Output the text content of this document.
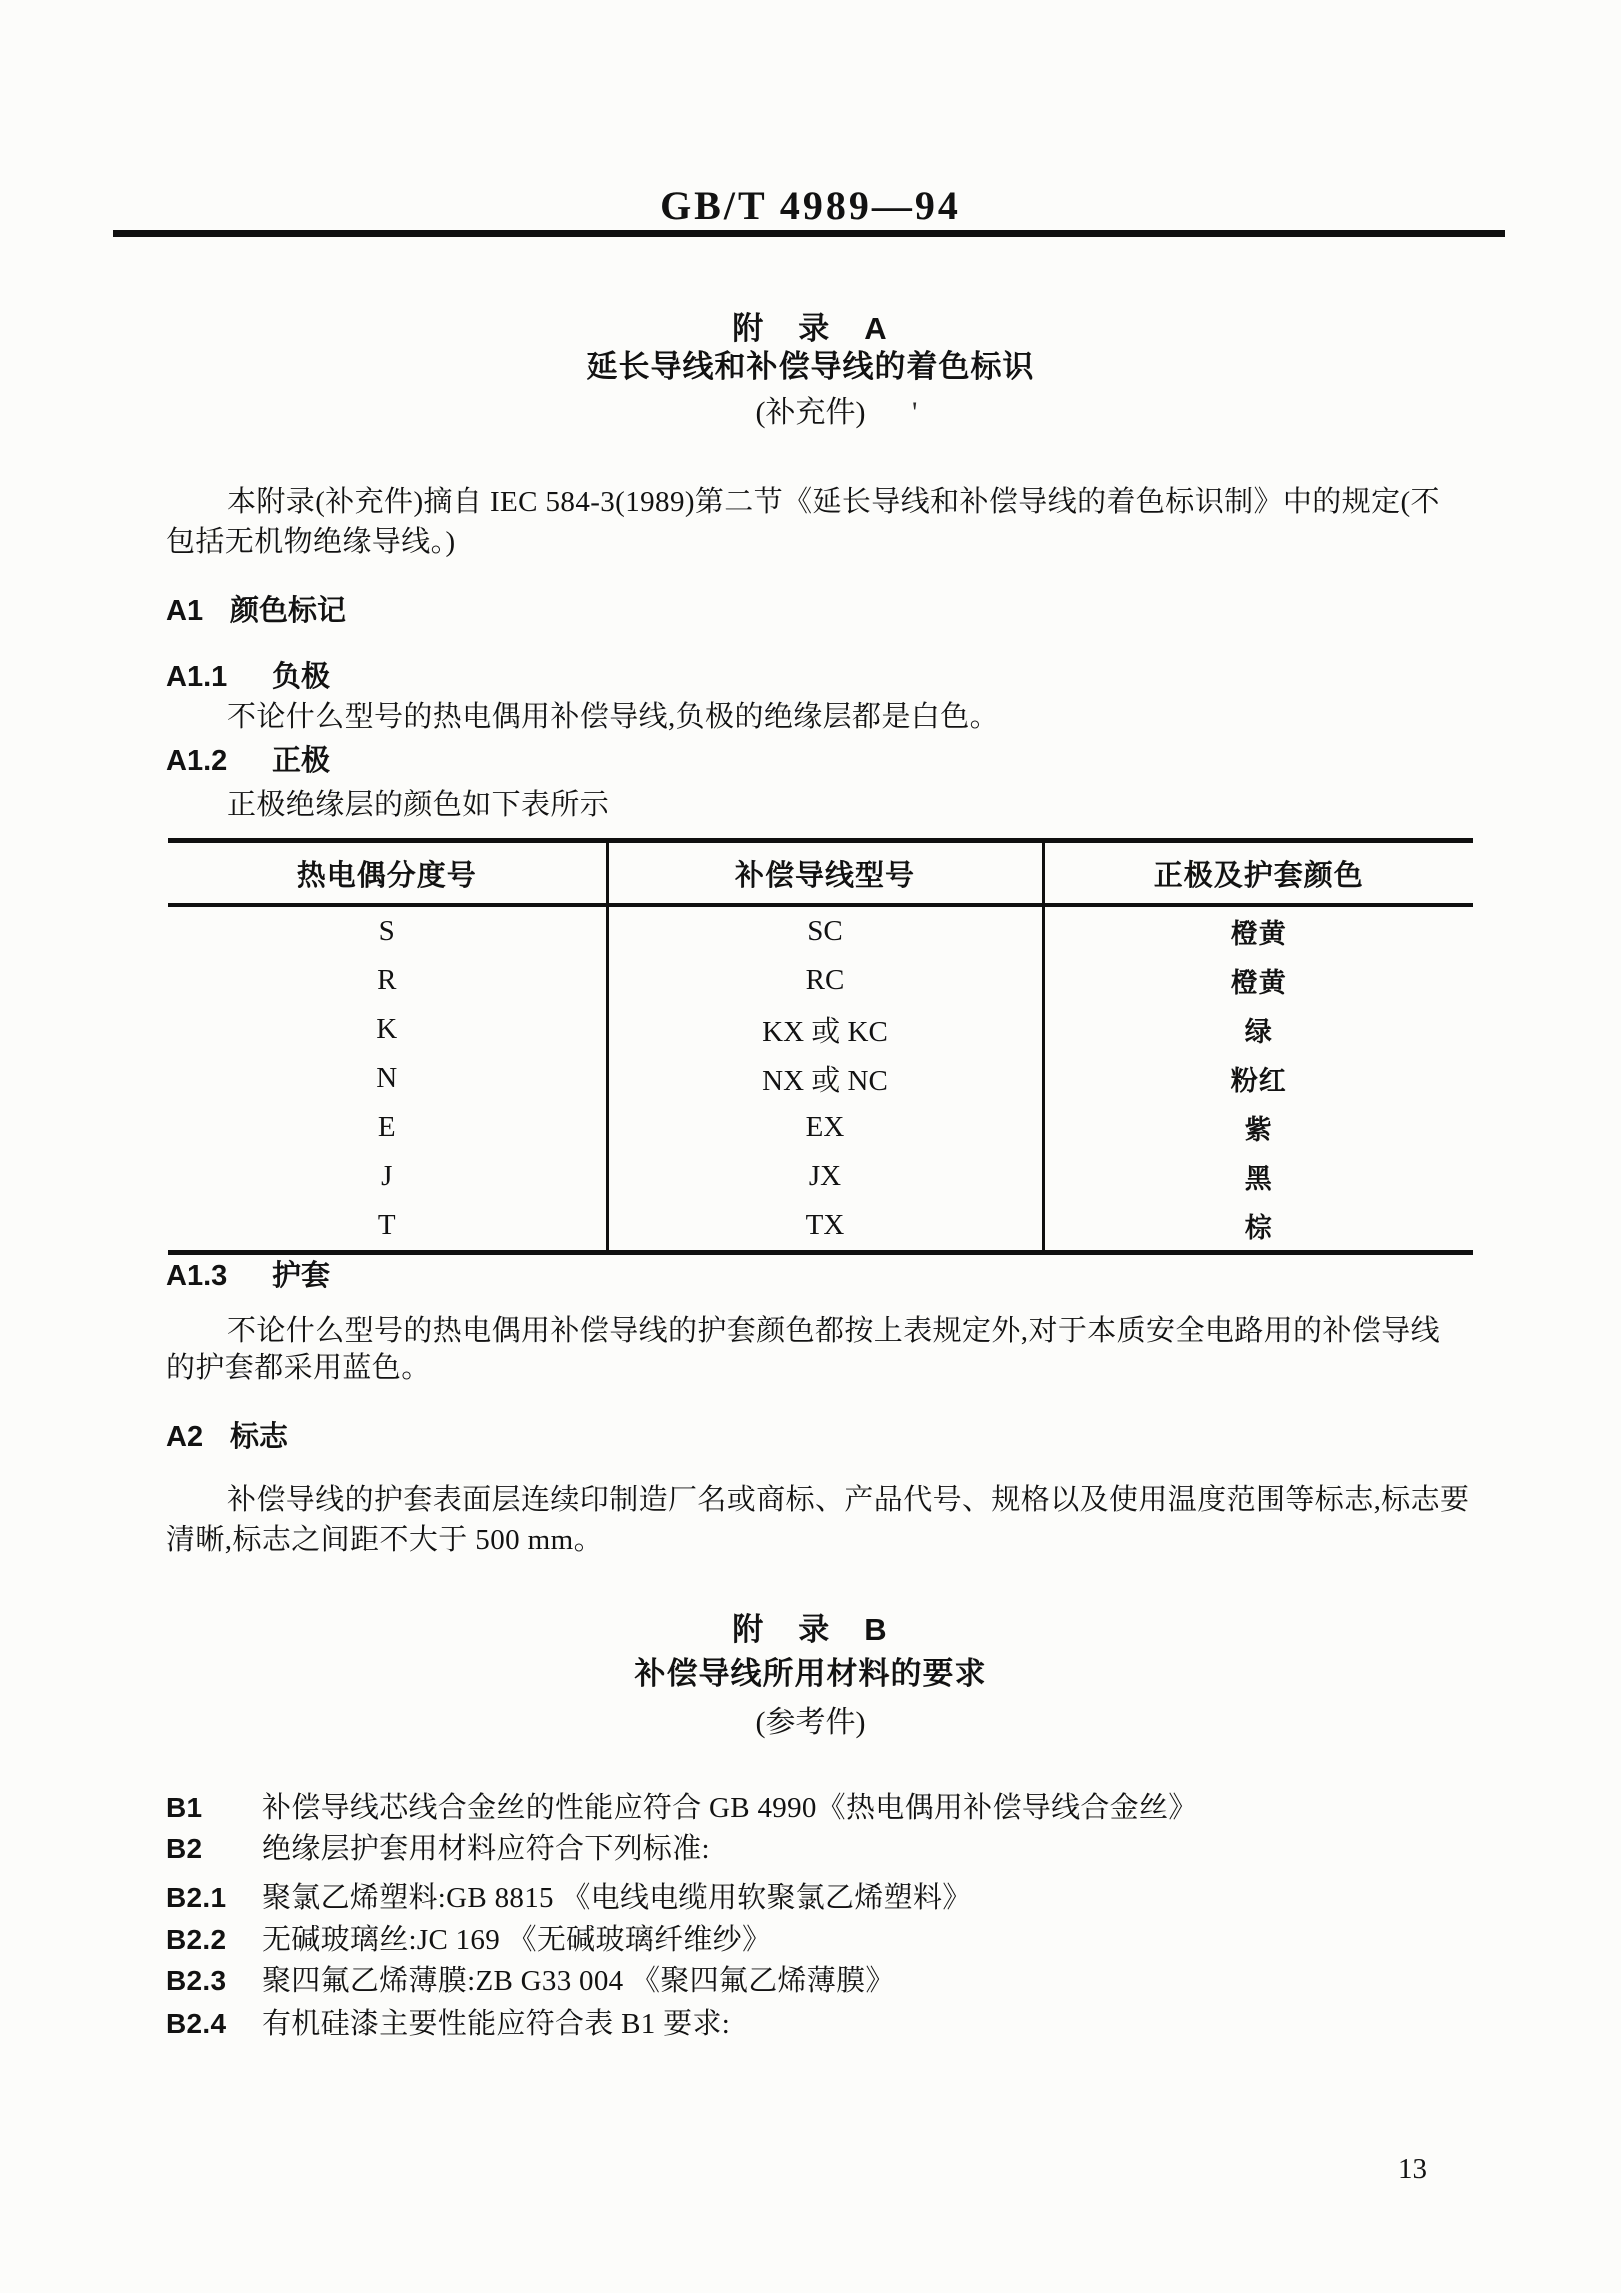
GB/T 4989—94
附　录　A
延长导线和补偿导线的着色标识
(补充件)	'
本附录(补充件)摘自 IEC 584-3(1989)第二节《延长导线和补偿导线的着色标识制》中的规定(不
包括无机物绝缘导线。)
A1 颜色标记
A1.1 负极
不论什么型号的热电偶用补偿导线,负极的绝缘层都是白色。
A1.2 正极
正极绝缘层的颜色如下表所示
热电偶分度号	补偿导线型号	正极及护套颜色
S	SC	橙黄
R	RC	橙黄
K	KX 或 KC	绿
N	NX 或 NC	粉红
E	EX	紫
J	JX	黑
T	TX	棕
A1.3 护套
不论什么型号的热电偶用补偿导线的护套颜色都按上表规定外,对于本质安全电路用的补偿导线
的护套都采用蓝色。
A2 标志
补偿导线的护套表面层连续印制造厂名或商标、产品代号、规格以及使用温度范围等标志,标志要
清晰,标志之间距不大于 500 mm。
附　录　B
补偿导线所用材料的要求
(参考件)
B1 补偿导线芯线合金丝的性能应符合 GB 4990《热电偶用补偿导线合金丝》
B2 绝缘层护套用材料应符合下列标准:
B2.1 聚氯乙烯塑料:GB 8815 《电线电缆用软聚氯乙烯塑料》
B2.2 无碱玻璃丝:JC 169 《无碱玻璃纤维纱》
B2.3 聚四氟乙烯薄膜:ZB G33 004 《聚四氟乙烯薄膜》
B2.4 有机硅漆主要性能应符合表 B1 要求:
13
